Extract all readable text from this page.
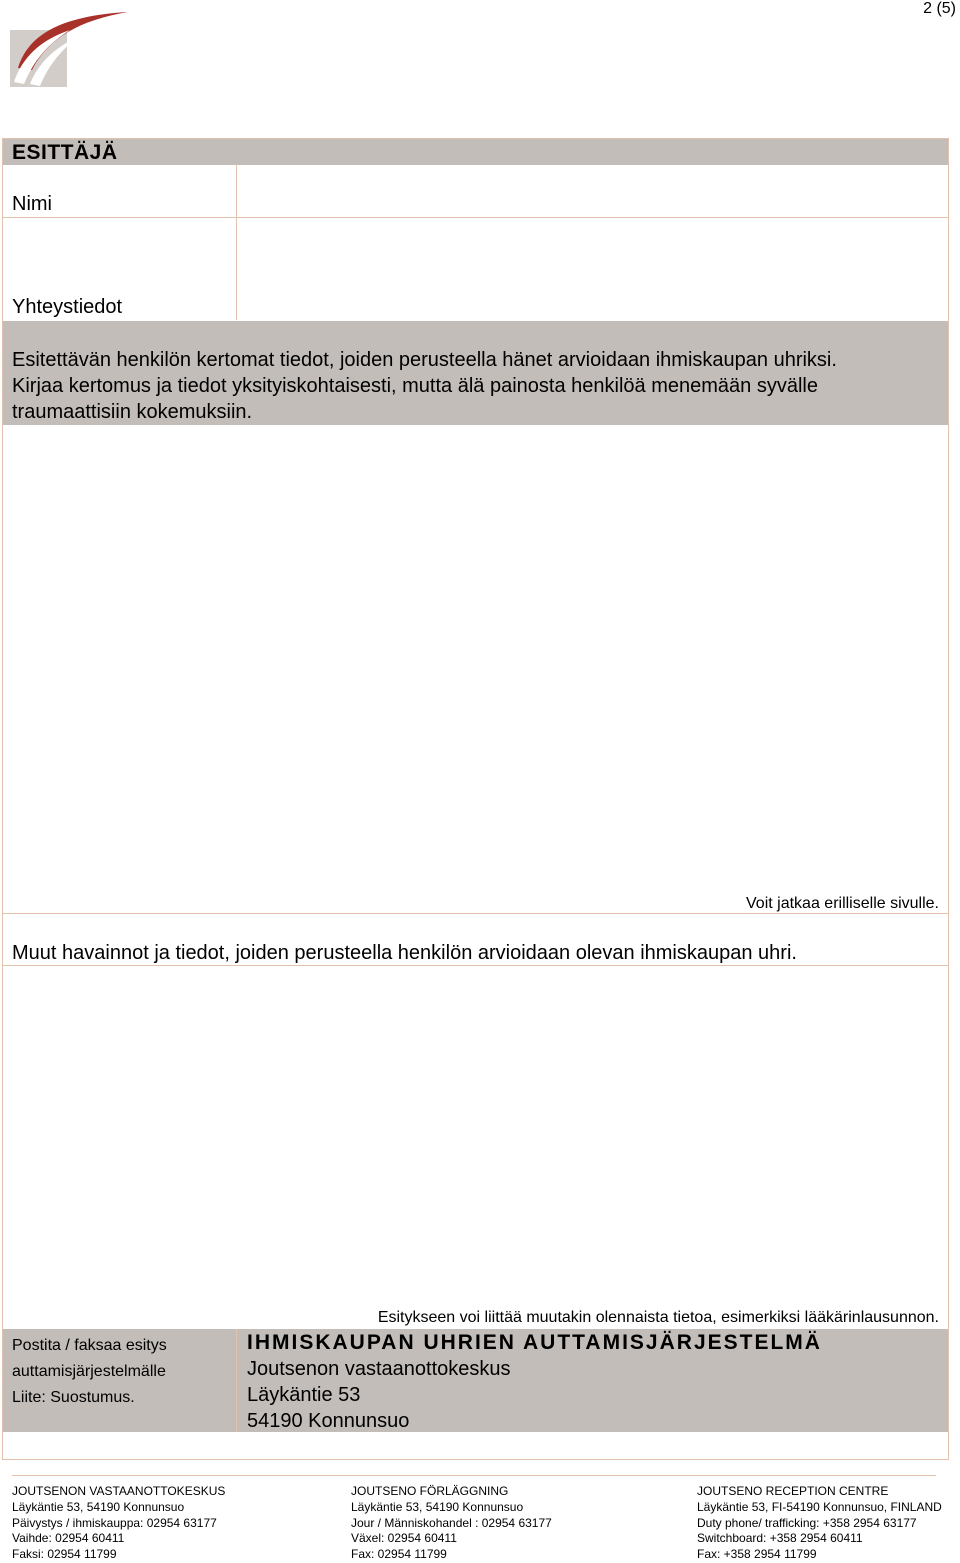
2 (5)
ESITTÄJÄ
Nimi
Yhteystiedot
Esitettävän henkilön kertomat tiedot, joiden perusteella hänet arvioidaan ihmiskaupan uhriksi.
Kirjaa kertomus ja tiedot yksityiskohtaisesti, mutta älä painosta henkilöä menemään syvälle
traumaattisiin kokemuksiin.
Voit jatkaa erilliselle sivulle.
Muut havainnot ja tiedot, joiden perusteella henkilön arvioidaan olevan ihmiskaupan uhri.
Esitykseen voi liittää muutakin olennaista tietoa, esimerkiksi lääkärinlausunnon.
Postita / faksaa esitys
auttamisjärjestelmälle
Liite: Suostumus.
IHMISKAUPAN UHRIEN AUTTAMISJÄRJESTELMÄ
Joutsenon vastaanottokeskus
Läykäntie 53
54190 Konnunsuo
JOUTSENON VASTAANOTTOKESKUS
Läykäntie 53, 54190 Konnunsuo
Päivystys / ihmiskauppa: 02954 63177
Vaihde: 02954 60411
Faksi: 02954 11799
JOUTSENO FÖRLÄGGNING
Läykäntie 53, 54190 Konnunsuo
Jour / Människohandel : 02954 63177
Växel: 02954 60411
Fax: 02954 11799
JOUTSENO RECEPTION CENTRE
Läykäntie 53, FI-54190 Konnunsuo, FINLAND
Duty phone/ trafficking: +358 2954 63177
Switchboard: +358 2954 60411
Fax: +358 2954 11799
